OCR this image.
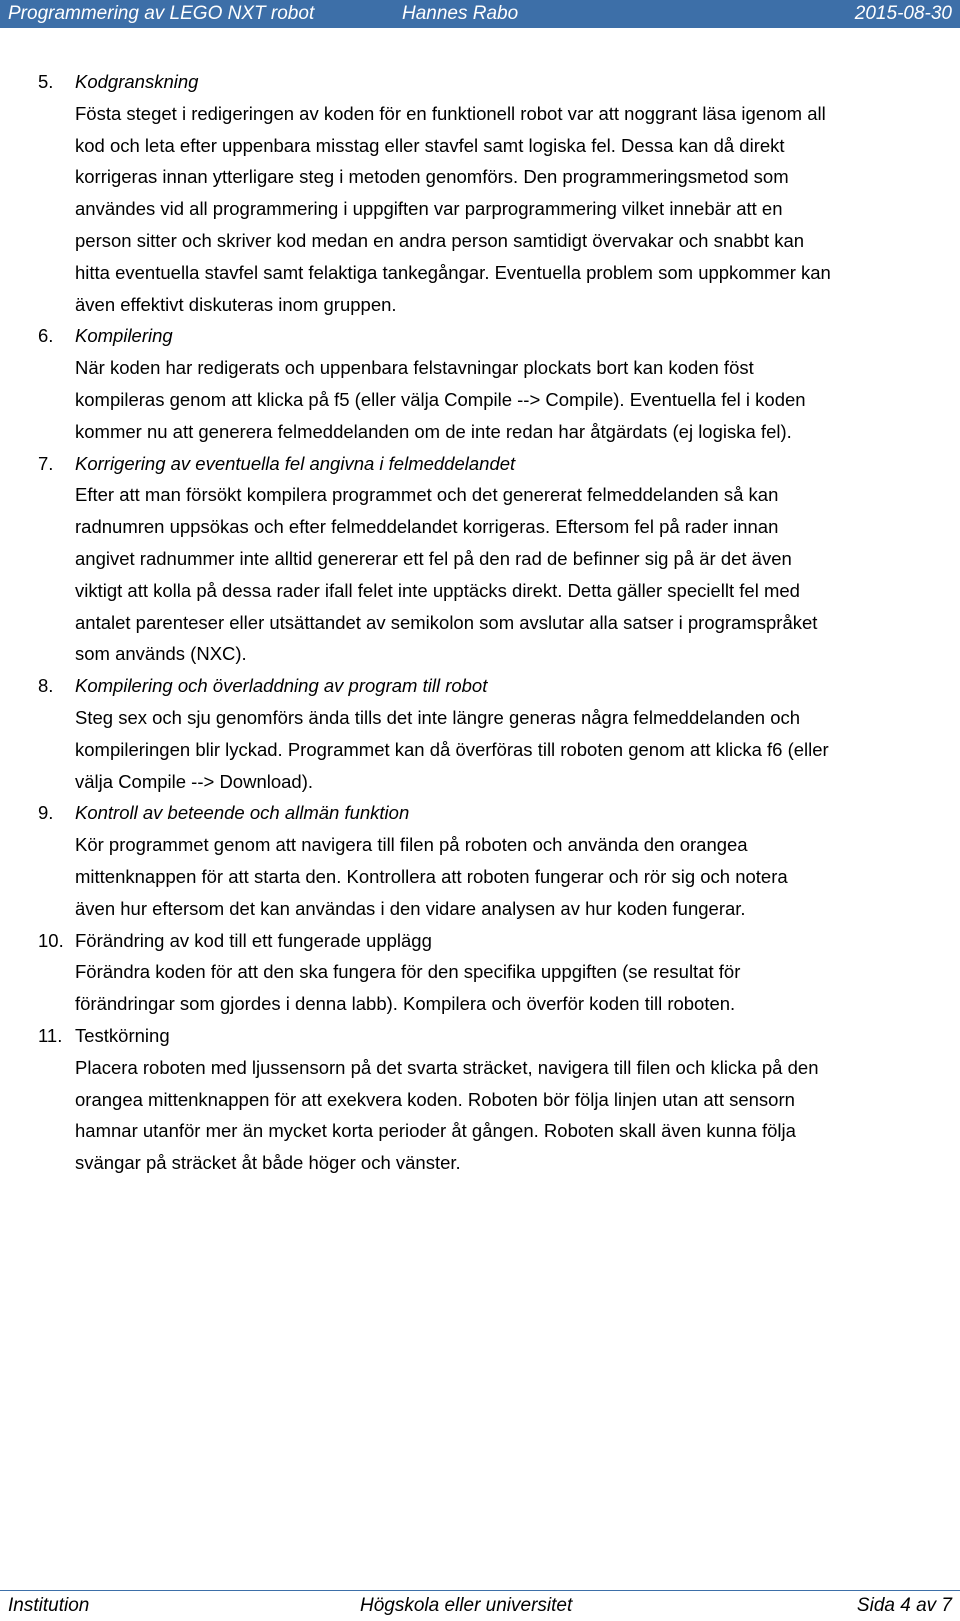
Programmering av LEGO NXT robot	Hannes Rabo	2015-08-30
5. Kodgranskning
Fösta steget i redigeringen av koden för en funktionell robot var att noggrant läsa igenom all
kod och leta efter uppenbara misstag eller stavfel samt logiska fel. Dessa kan då direkt
korrigeras innan ytterligare steg i metoden genomförs. Den programmeringsmetod som
användes vid all programmering i uppgiften var parprogrammering vilket innebär att en
person sitter och skriver kod medan en andra person samtidigt övervakar och snabbt kan
hitta eventuella stavfel samt felaktiga tankegångar. Eventuella problem som uppkommer kan
även effektivt diskuteras inom gruppen.
6. Kompilering
När koden har redigerats och uppenbara felstavningar plockats bort kan koden föst
kompileras genom att klicka på f5 (eller välja Compile --> Compile). Eventuella fel i koden
kommer nu att generera felmeddelanden om de inte redan har åtgärdats (ej logiska fel).
7. Korrigering av eventuella fel angivna i felmeddelandet
Efter att man försökt kompilera programmet och det genererat felmeddelanden så kan
radnumren uppsökas och efter felmeddelandet korrigeras. Eftersom fel på rader innan
angivet radnummer inte alltid genererar ett fel på den rad de befinner sig på är det även
viktigt att kolla på dessa rader ifall felet inte upptäcks direkt. Detta gäller speciellt fel med
antalet parenteser eller utsättandet av semikolon som avslutar alla satser i programspråket
som används (NXC).
8. Kompilering och överladdning av program till robot
Steg sex och sju genomförs ända tills det inte längre generas några felmeddelanden och
kompileringen blir lyckad. Programmet kan då överföras till roboten genom att klicka f6 (eller
välja Compile --> Download).
9. Kontroll av beteende och allmän funktion
Kör programmet genom att navigera till filen på roboten och använda den orangea
mittenknappen för att starta den. Kontrollera att roboten fungerar och rör sig och notera
även hur eftersom det kan användas i den vidare analysen av hur koden fungerar.
10. Förändring av kod till ett fungerade upplägg
Förändra koden för att den ska fungera för den specifika uppgiften (se resultat för
förändringar som gjordes i denna labb). Kompilera och överför koden till roboten.
11. Testkörning
Placera roboten med ljussensorn på det svarta sträcket, navigera till filen och klicka på den
orangea mittenknappen för att exekvera koden. Roboten bör följa linjen utan att sensorn
hamnar utanför mer än mycket korta perioder åt gången. Roboten skall även kunna följa
svängar på sträcket åt både höger och vänster.
Institution	Högskola eller universitet	Sida 4 av 7
